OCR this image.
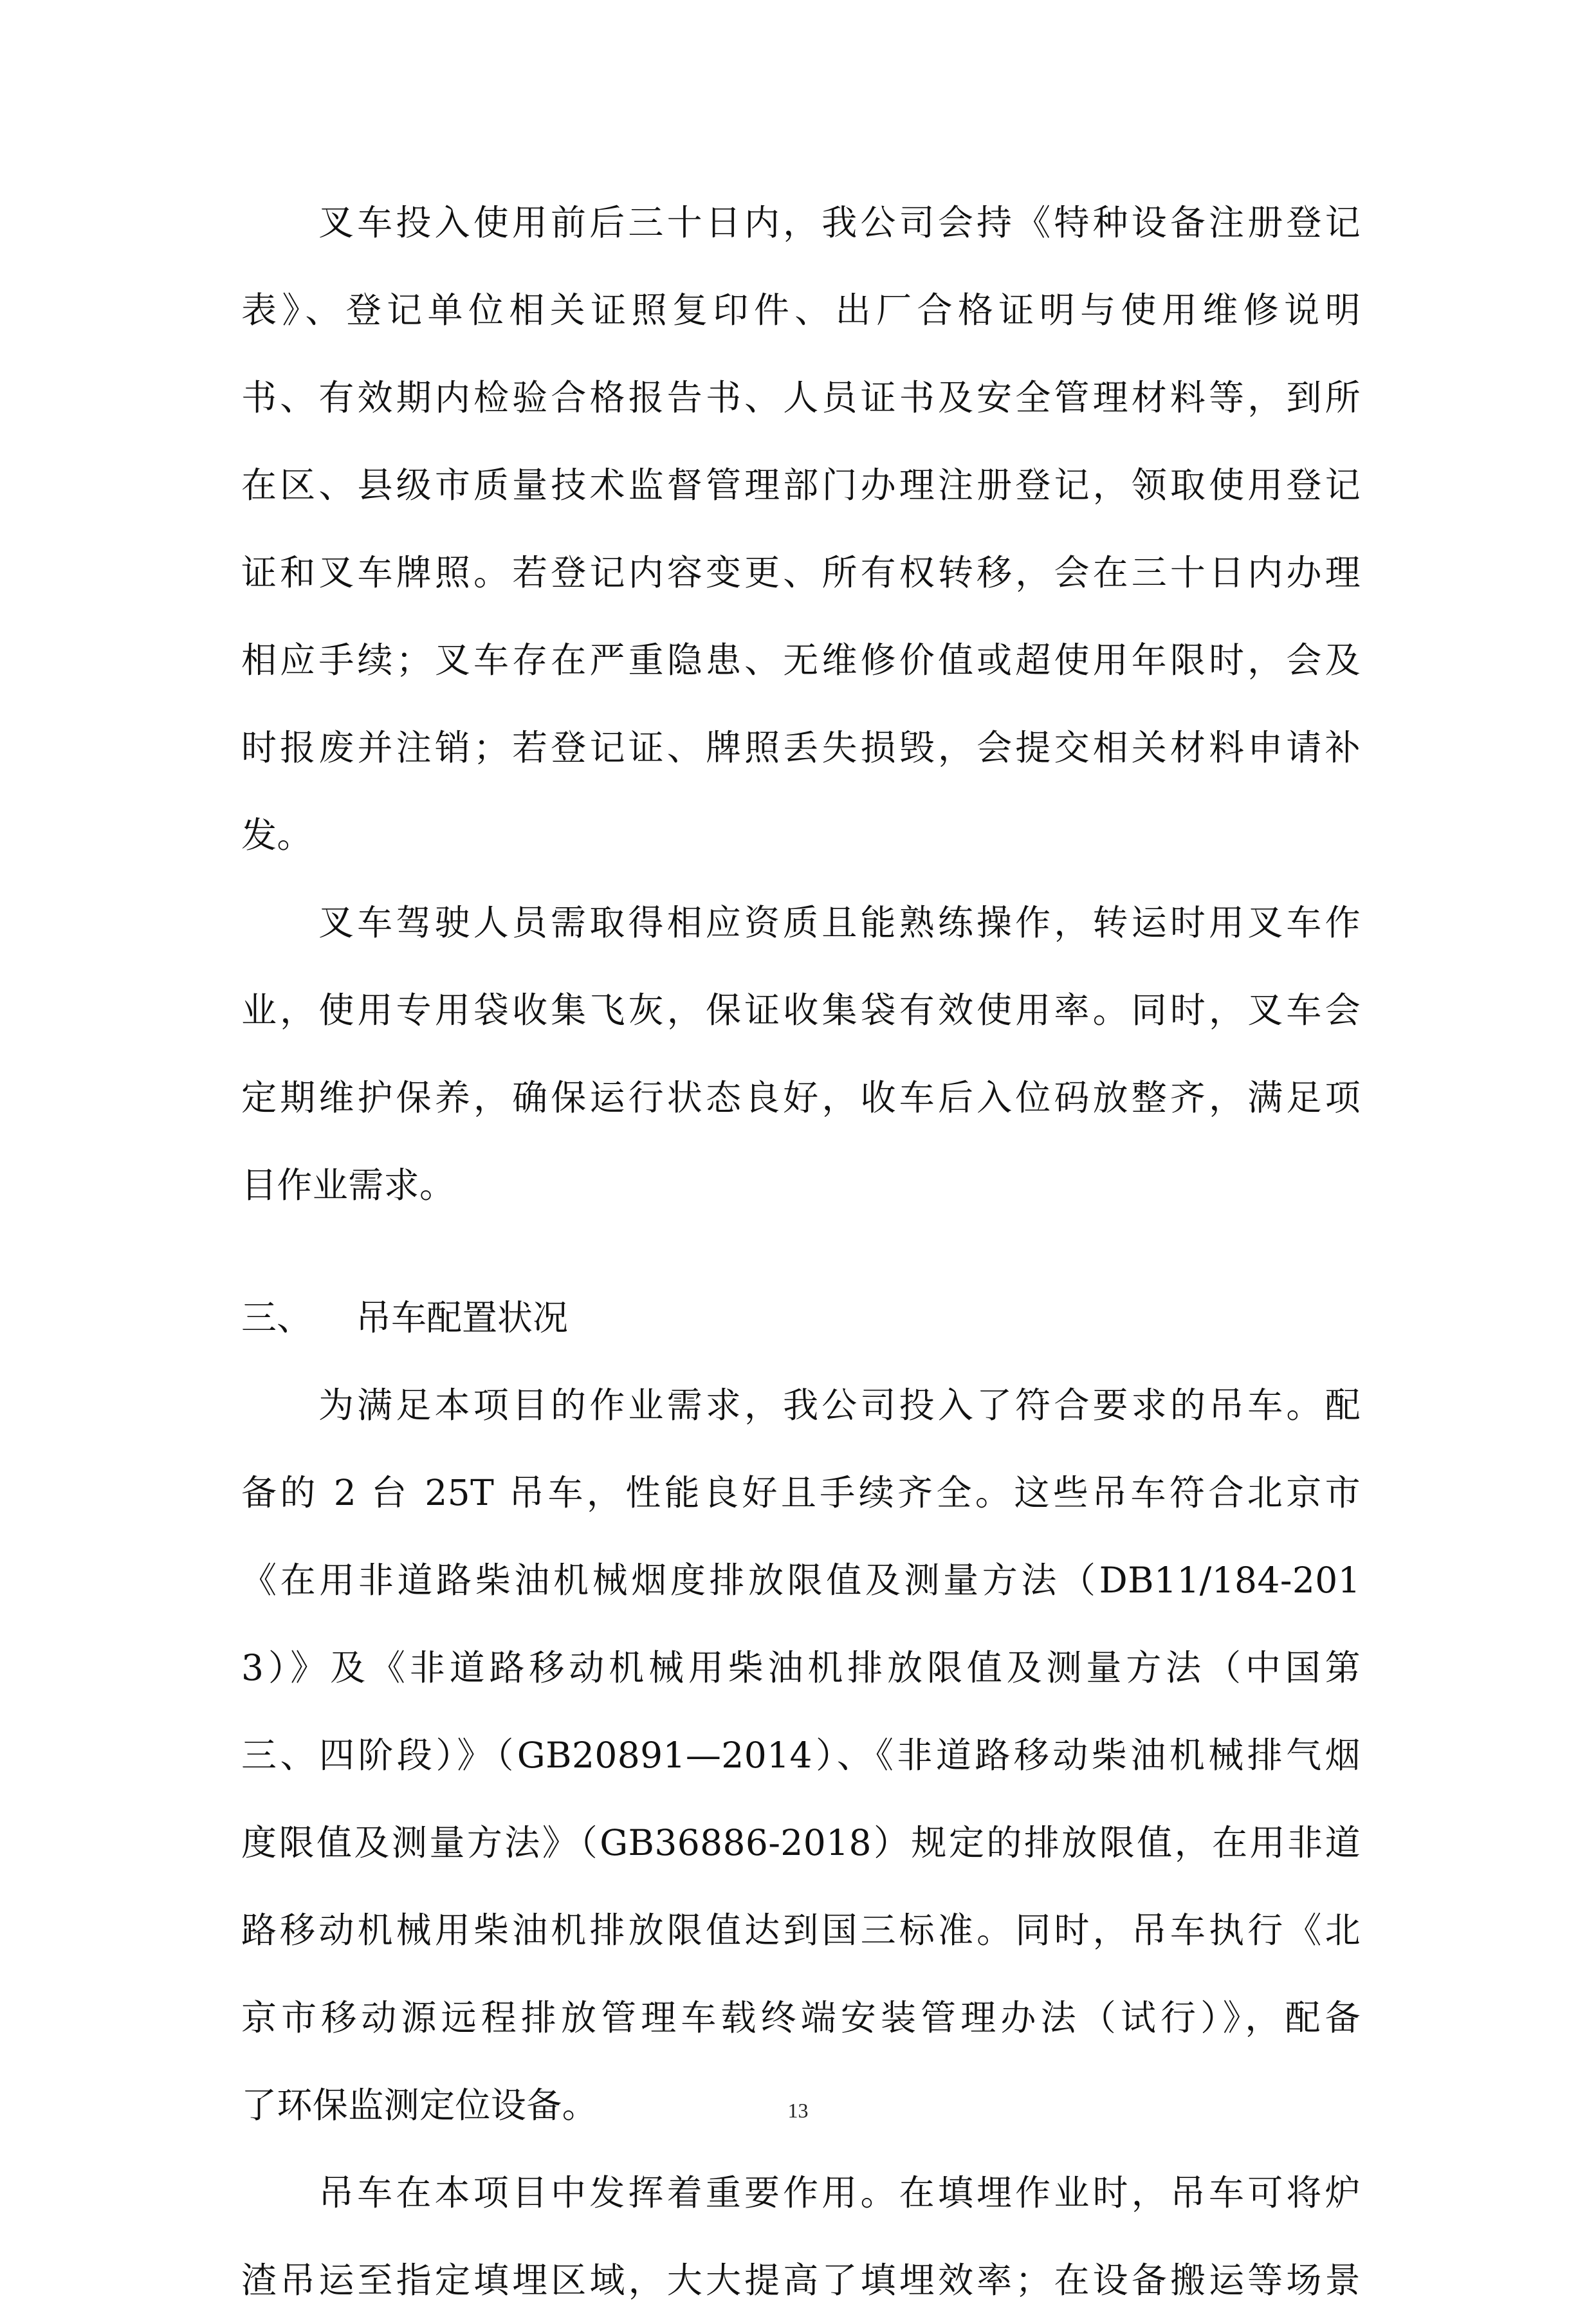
叉车投入使用前后三十日内，我公司会持《特种设备注册登记
表》、登记单位相关证照复印件、出厂合格证明与使用维修说明
书、有效期内检验合格报告书、人员证书及安全管理材料等，到所
在区、县级市质量技术监督管理部门办理注册登记，领取使用登记
证和叉车牌照。若登记内容变更、所有权转移，会在三十日内办理
相应手续；叉车存在严重隐患、无维修价值或超使用年限时，会及
时报废并注销；若登记证、牌照丢失损毁，会提交相关材料申请补
发。
叉车驾驶人员需取得相应资质且能熟练操作，转运时用叉车作
业，使用专用袋收集飞灰，保证收集袋有效使用率。同时，叉车会
定期维护保养，确保运行状态良好，收车后入位码放整齐，满足项
目作业需求。
三、 吊车配置状况
为满足本项目的作业需求，我公司投入了符合要求的吊车。配
备的 2 台 25T 吊车，性能良好且手续齐全。这些吊车符合北京市
《在用非道路柴油机械烟度排放限值及测量方法（DB11/184-201
3）》及《非道路移动机械用柴油机排放限值及测量方法（中国第
三、四阶段）》（GB20891—2014）、《非道路移动柴油机械排气烟
度限值及测量方法》（GB36886-2018）规定的排放限值，在用非道
路移动机械用柴油机排放限值达到国三标准。同时，吊车执行《北
京市移动源远程排放管理车载终端安装管理办法（试行）》，配备
了环保监测定位设备。
吊车在本项目中发挥着重要作用。在填埋作业时，吊车可将炉
渣吊运至指定填埋区域，大大提高了填埋效率；在设备搬运等场景
13
